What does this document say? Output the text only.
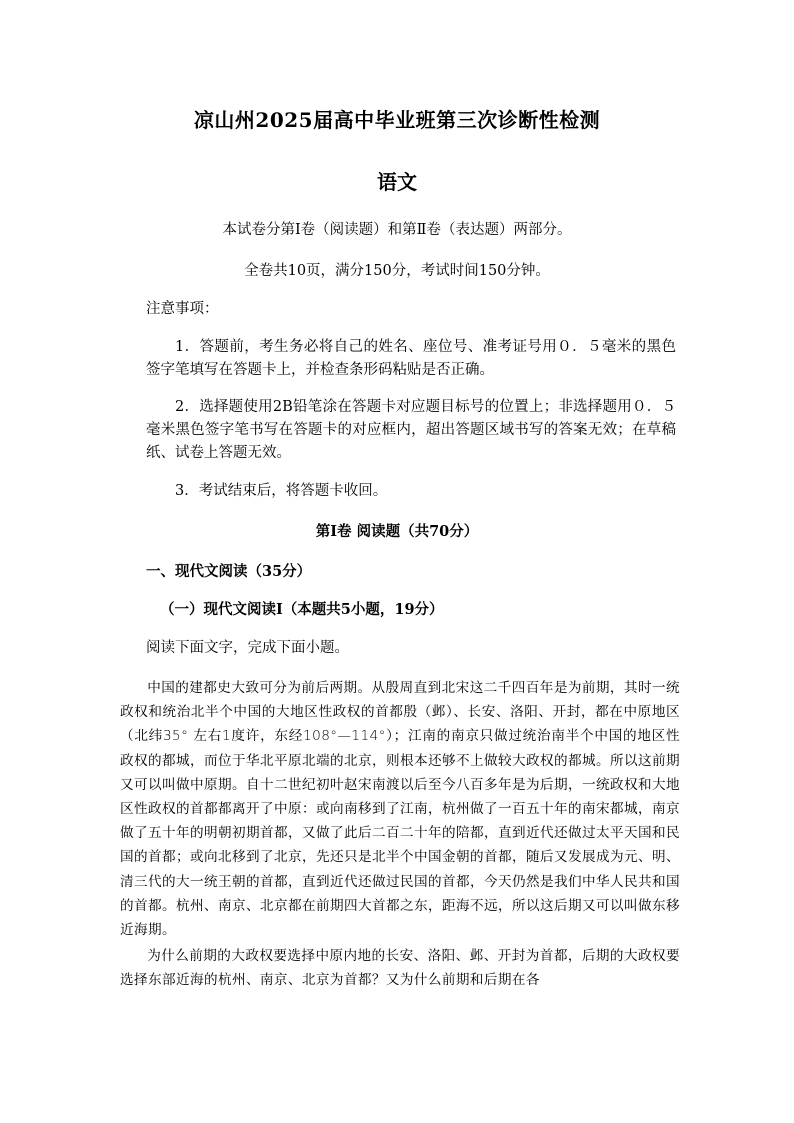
凉山州2025届高中毕业班第三次诊断性检测
语文

本试卷分第Ⅰ卷（阅读题）和第Ⅱ卷（表达题）两部分。

全卷共10页，满分150分，考试时间150分钟。

注意事项：

1．答题前，考生务必将自己的姓名、座位号、准考证号用０．５毫米的黑色签字笔填写在答题卡上，并检查条形码粘贴是否正确。

2．选择题使用2B铅笔涂在答题卡对应题目标号的位置上；非选择题用０．５毫米黑色签字笔书写在答题卡的对应框内，超出答题区域书写的答案无效；在草稿纸、试卷上答题无效。

3．考试结束后，将答题卡收回。

第Ⅰ卷 阅读题（共70分）

一、现代文阅读（35分）

（一）现代文阅读Ⅰ（本题共5小题，19分）

阅读下面文字，完成下面小题。

中国的建都史大致可分为前后两期。从殷周直到北宋这二千四百年是为前期，其时一统政权和统治北半个中国的大地区性政权的首都殷（邺）、长安、洛阳、开封，都在中原地区（北纬35° 左右1度许，东经108°—114°）；江南的南京只做过统治南半个中国的地区性政权的都城，而位于华北平原北端的北京，则根本还够不上做较大政权的都城。所以这前期又可以叫做中原期。自十二世纪初叶赵宋南渡以后至今八百多年是为后期，一统政权和大地区性政权的首都都离开了中原：或向南移到了江南，杭州做了一百五十年的南宋都城，南京做了五十年的明朝初期首都，又做了此后二百二十年的陪都，直到近代还做过太平天国和民国的首都；或向北移到了北京，先还只是北半个中国金朝的首都，随后又发展成为元、明、清三代的大一统王朝的首都，直到近代还做过民国的首都，今天仍然是我们中华人民共和国的首都。杭州、南京、北京都在前期四大首都之东，距海不远，所以这后期又可以叫做东移近海期。

为什么前期的大政权要选择中原内地的长安、洛阳、邺、开封为首都，后期的大政权要选择东部近海的杭州、南京、北京为首都？又为什么前期和后期在各
